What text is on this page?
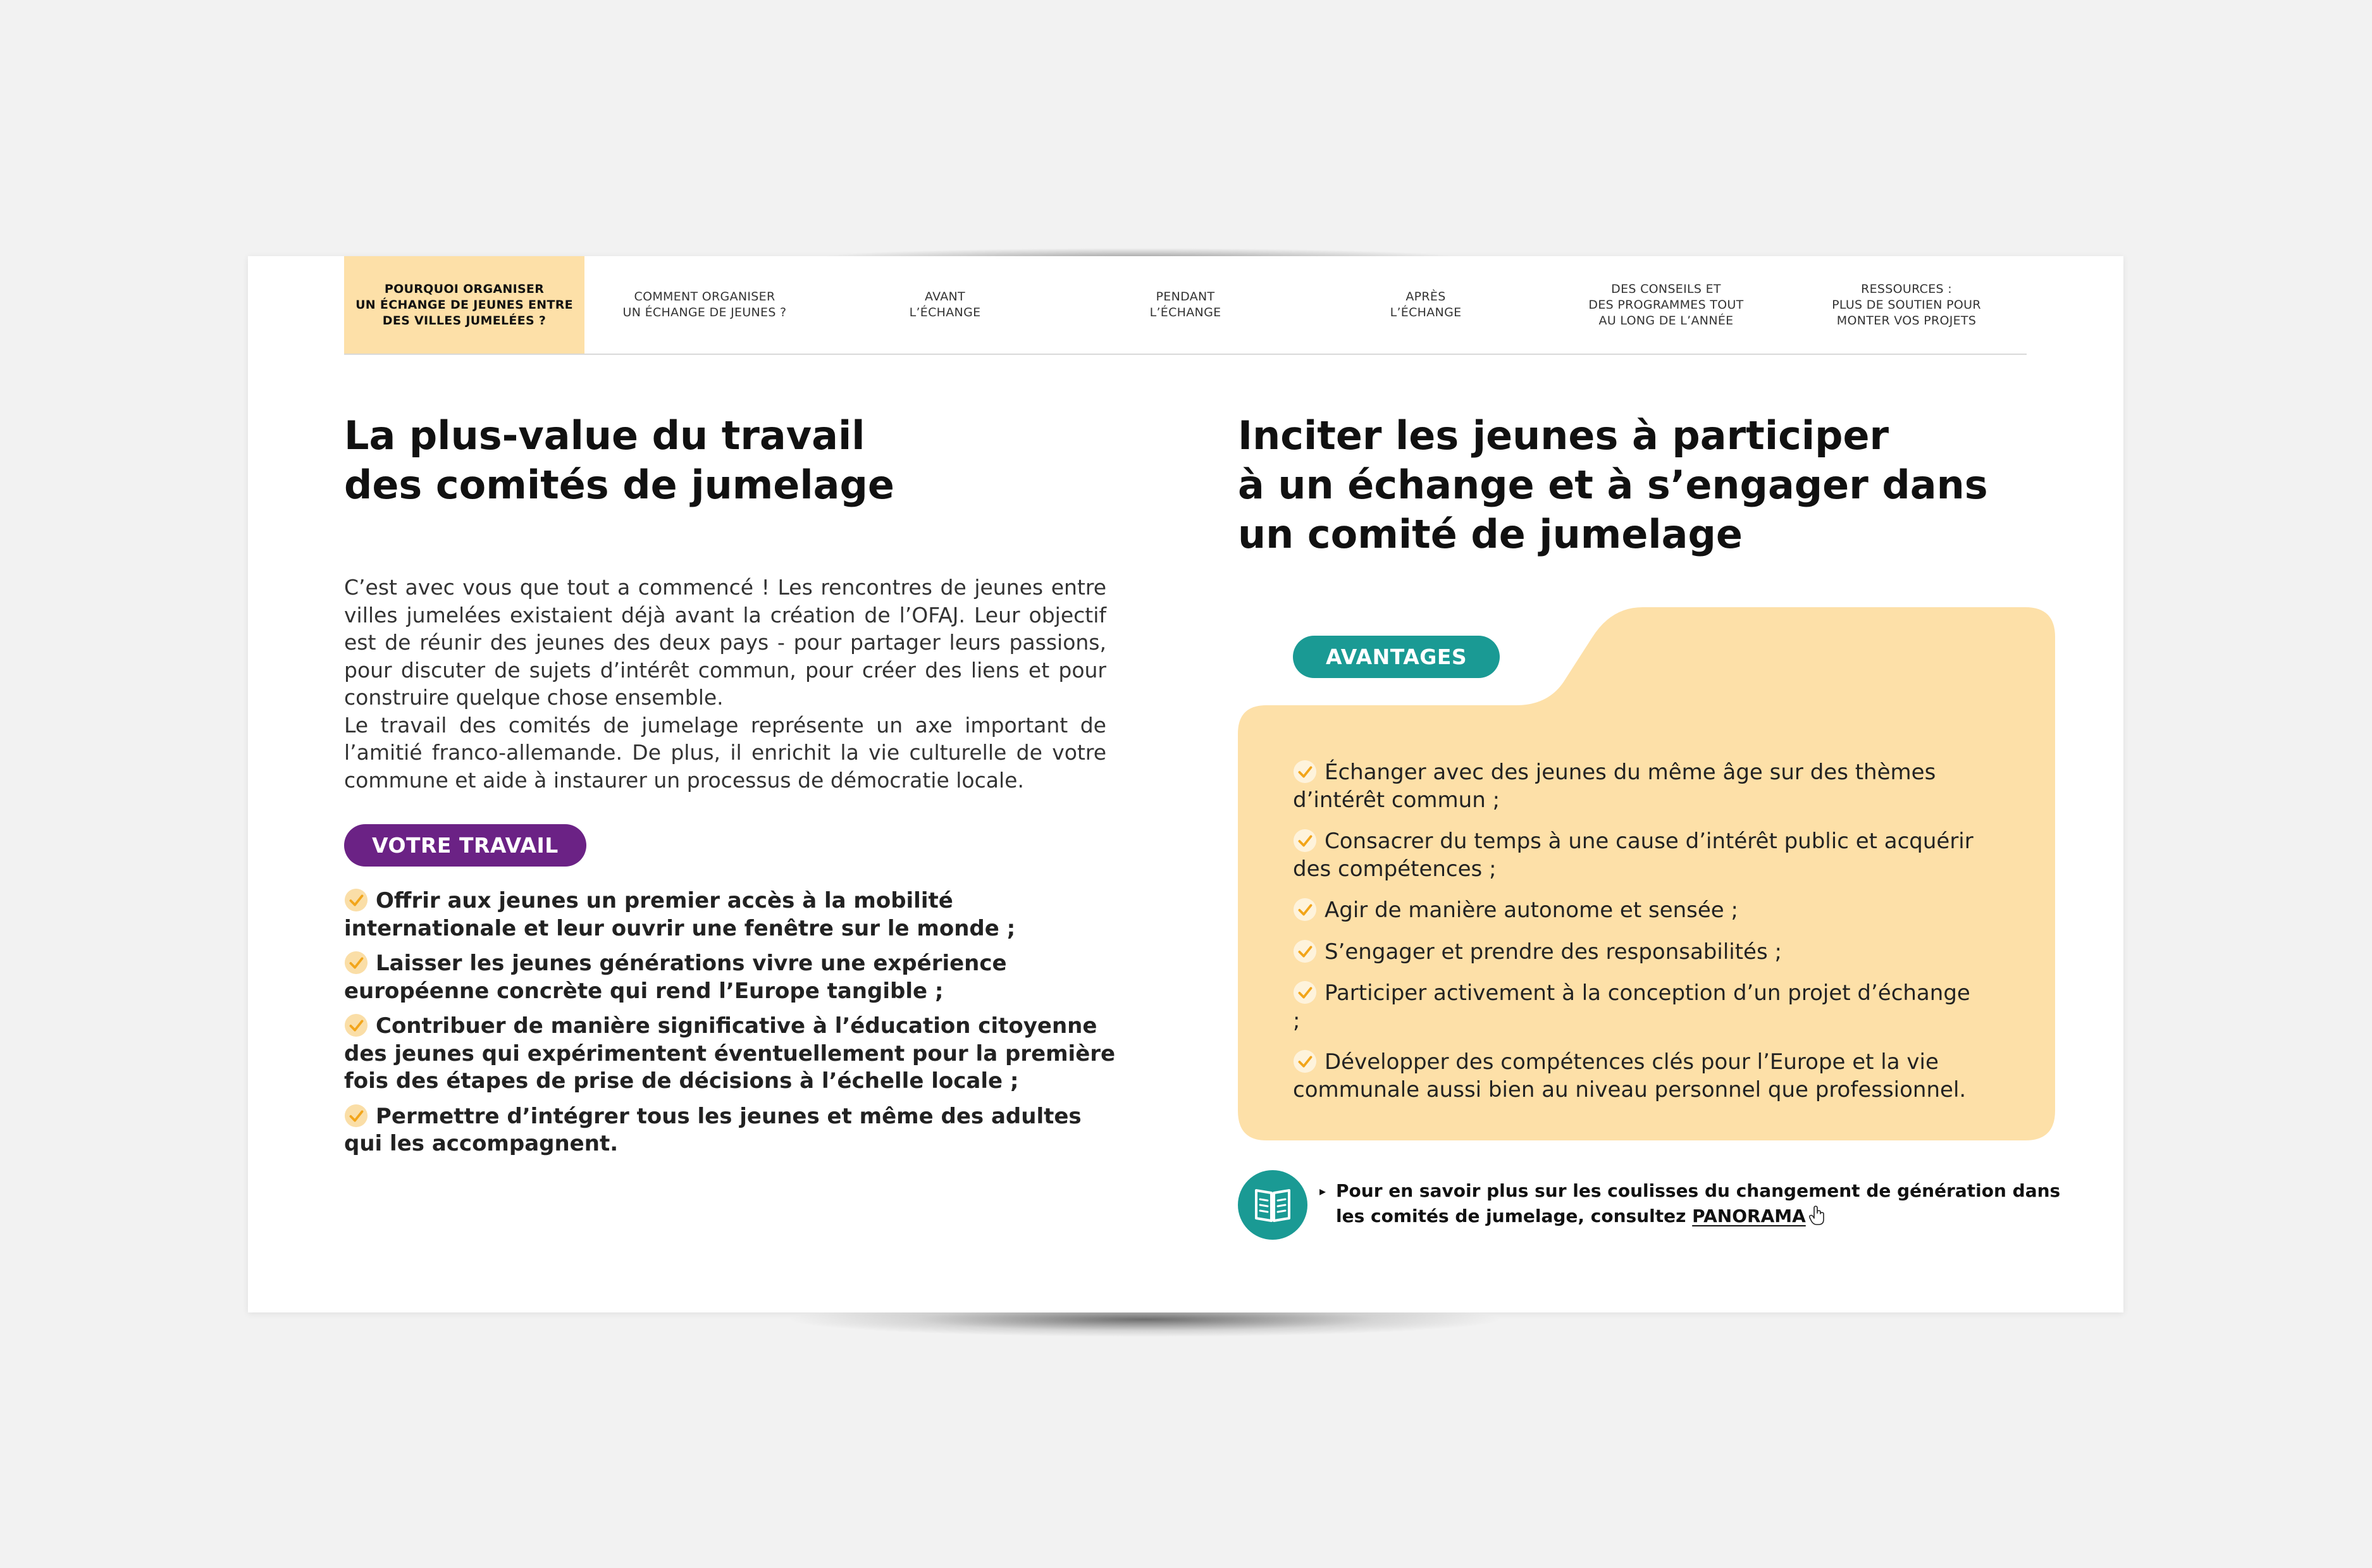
POURQUOI ORGANISER
UN ÉCHANGE DE JEUNES ENTRE
DES VILLES JUMELÉES ?
COMMENT ORGANISER
UN ÉCHANGE DE JEUNES ?
AVANT
L’ÉCHANGE
PENDANT
L’ÉCHANGE
APRÈS
L’ÉCHANGE
DES CONSEILS ET
DES PROGRAMMES TOUT
AU LONG DE L’ANNÉE
RESSOURCES :
PLUS DE SOUTIEN POUR
MONTER VOS PROJETS
La plus-value du travail
des comités de jumelage

C’est avec vous que tout a commencé ! Les rencontres de jeunes entre villes jumelées existaient déjà avant la création de l’OFAJ. Leur objectif est de réunir des jeunes des deux pays - pour partager leurs passions, pour discuter de sujets d’intérêt commun, pour créer des liens et pour construire quelque chose ensemble.

Le travail des comités de jumelage représente un axe important de l’amitié franco-allemande. De plus, il enrichit la vie culturelle de votre commune et aide à instaurer un processus de démocratie locale.

VOTRE TRAVAIL
Offrir aux jeunes un premier accès à la mobilité internationale et leur ouvrir une fenêtre sur le monde ;
Laisser les jeunes générations vivre une expérience européenne concrète qui rend l’Europe tangible ;
Contribuer de manière significative à l’éducation citoyenne des jeunes qui expérimentent éventuellement pour la première fois des étapes de prise de décisions à l’échelle locale ;
Permettre d’intégrer tous les jeunes et même des adultes qui les accompagnent.
Inciter les jeunes à participer
à un échange et à s’engager dans
un comité de jumelage
AVANTAGES
Échanger avec des jeunes du même âge sur des thèmes d’intérêt commun ;
Consacrer du temps à une cause d’intérêt public et acquérir des compétences ;
Agir de manière autonome et sensée ;
S’engager et prendre des responsabilités ;
Participer activement à la conception d’un projet d’échange ;
Développer des compétences clés pour l’Europe et la vie communale aussi bien au niveau personnel que professionnel.
▸ Pour en savoir plus sur les coulisses du changement de génération dans les comités de jumelage, consultez PANORAMA
